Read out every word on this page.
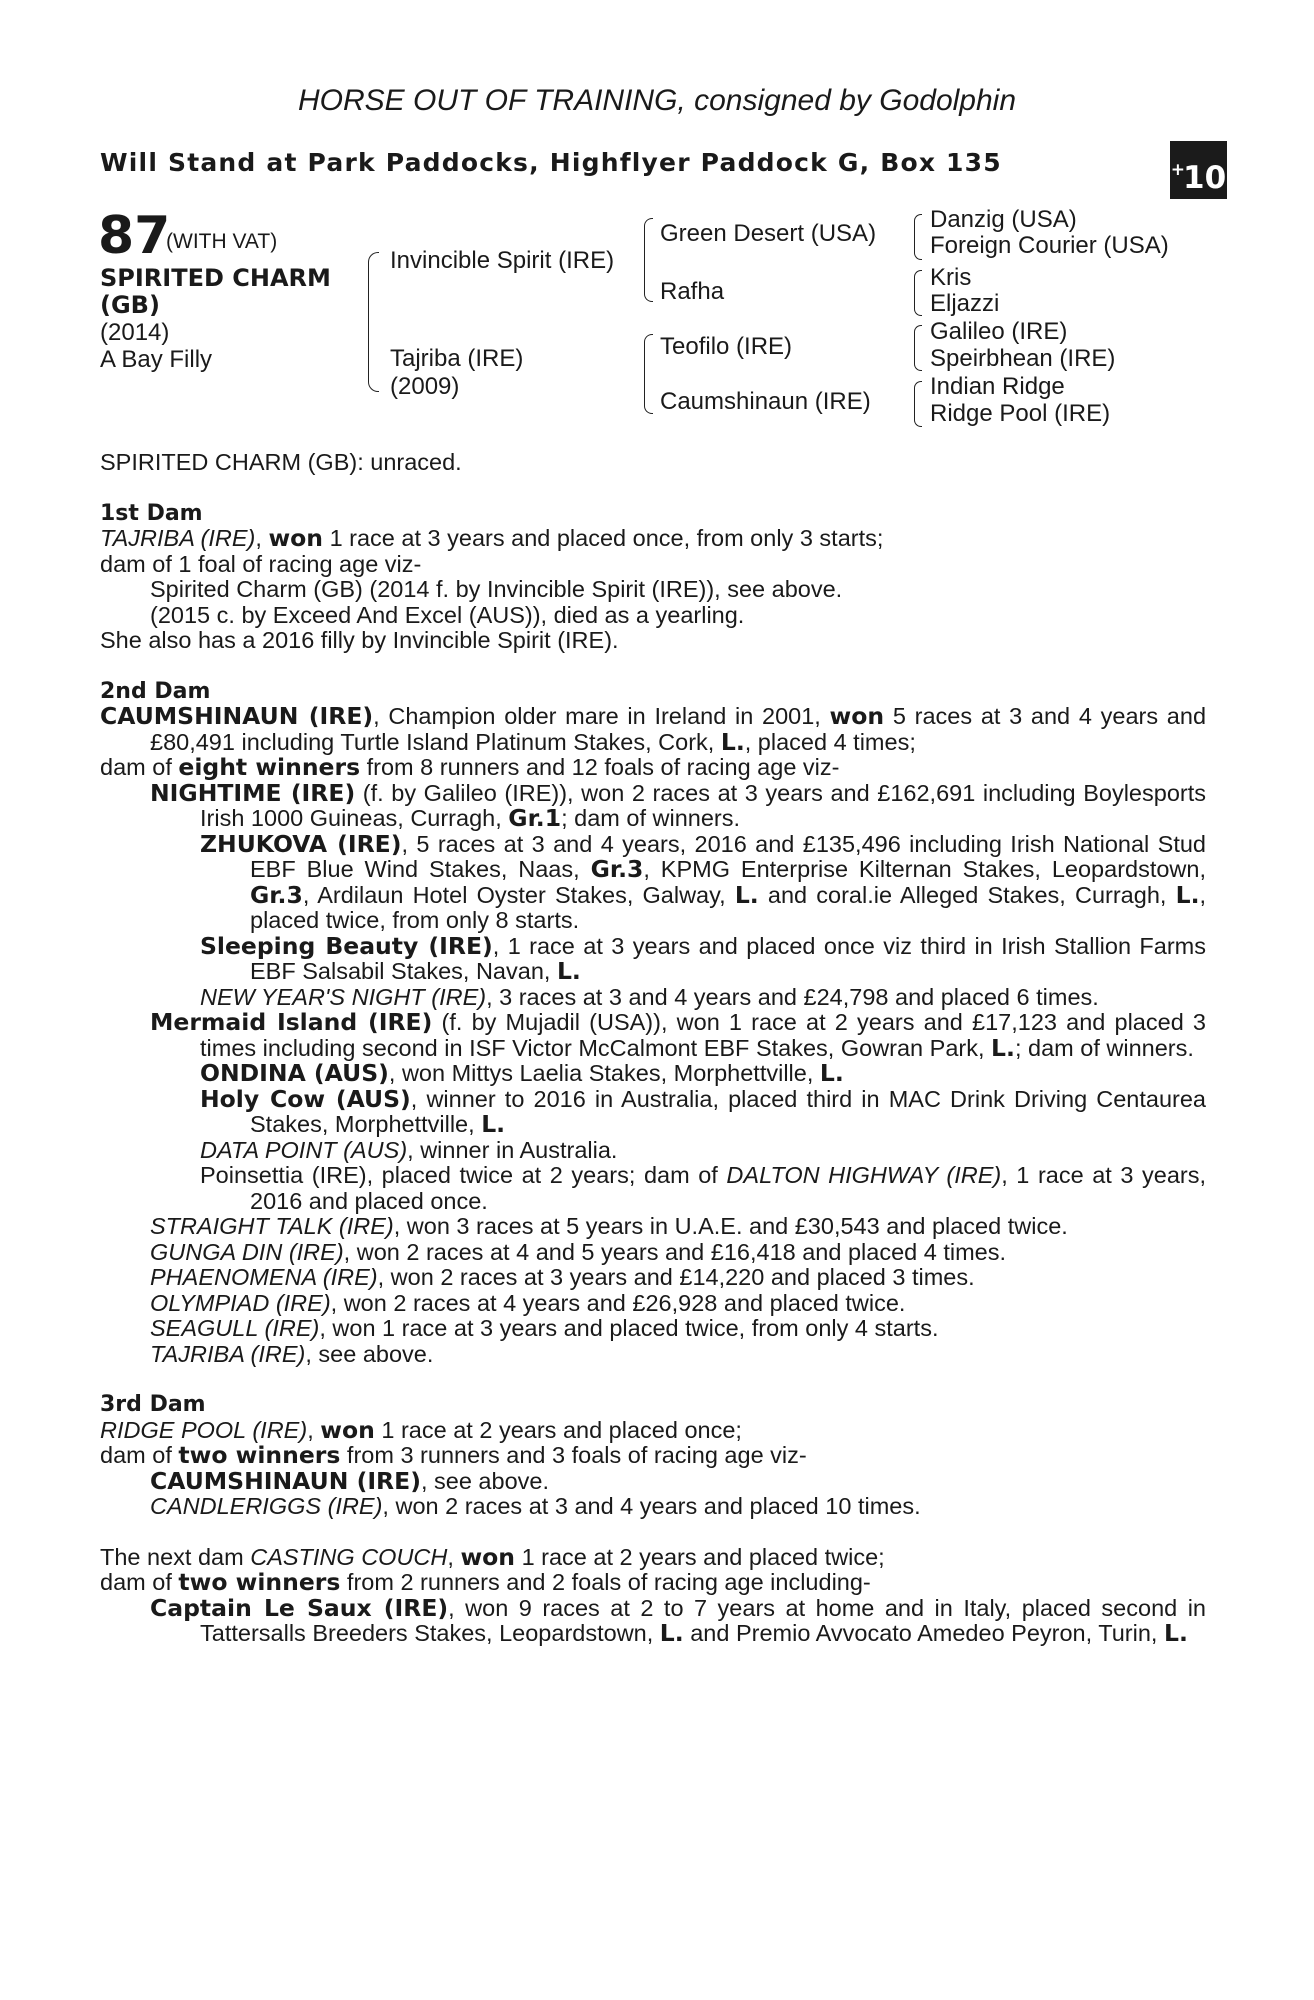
HORSE OUT OF TRAINING, consigned by Godolphin
Will Stand at Park Paddocks, Highflyer Paddock G, Box 135	+10
87
(WITH VAT)
SPIRITED CHARM
(GB)
(2014)
A Bay Filly
Invincible Spirit (IRE)
Tajriba (IRE)
(2009)
Green Desert (USA)
Rafha
Teofilo (IRE)
Caumshinaun (IRE)
Danzig (USA)
Foreign Courier (USA)
Kris
Eljazzi
Galileo (IRE)
Speirbhean (IRE)
Indian Ridge
Ridge Pool (IRE)

SPIRITED CHARM (GB): unraced.

1st Dam

TAJRIBA (IRE), won 1 race at 3 years and placed once, from only 3 starts;

dam of 1 foal of racing age viz-

Spirited Charm (GB) (2014 f. by Invincible Spirit (IRE)), see above.

(2015 c. by Exceed And Excel (AUS)), died as a yearling.

She also has a 2016 filly by Invincible Spirit (IRE).

2nd Dam

CAUMSHINAUN (IRE), Champion older mare in Ireland in 2001, won 5 races at 3 and 4 years and £80,491 including Turtle Island Platinum Stakes, Cork, L., placed 4 times;

dam of eight winners from 8 runners and 12 foals of racing age viz-

NIGHTIME (IRE) (f. by Galileo (IRE)), won 2 races at 3 years and £162,691 including Boylesports Irish 1000 Guineas, Curragh, Gr.1; dam of winners.

ZHUKOVA (IRE), 5 races at 3 and 4 years, 2016 and £135,496 including Irish National Stud EBF Blue Wind Stakes, Naas, Gr.3, KPMG Enterprise Kilternan Stakes, Leopardstown, Gr.3, Ardilaun Hotel Oyster Stakes, Galway, L. and coral.ie Alleged Stakes, Curragh, L., placed twice, from only 8 starts.

Sleeping Beauty (IRE), 1 race at 3 years and placed once viz third in Irish Stallion Farms EBF Salsabil Stakes, Navan, L.

NEW YEAR'S NIGHT (IRE), 3 races at 3 and 4 years and £24,798 and placed 6 times.

Mermaid Island (IRE) (f. by Mujadil (USA)), won 1 race at 2 years and £17,123 and placed 3 times including second in ISF Victor McCalmont EBF Stakes, Gowran Park, L.; dam of winners.

ONDINA (AUS), won Mittys Laelia Stakes, Morphettville, L.

Holy Cow (AUS), winner to 2016 in Australia, placed third in MAC Drink Driving Centaurea Stakes, Morphettville, L.

DATA POINT (AUS), winner in Australia.

Poinsettia (IRE), placed twice at 2 years; dam of DALTON HIGHWAY (IRE), 1 race at 3 years, 2016 and placed once.

STRAIGHT TALK (IRE), won 3 races at 5 years in U.A.E. and £30,543 and placed twice.

GUNGA DIN (IRE), won 2 races at 4 and 5 years and £16,418 and placed 4 times.

PHAENOMENA (IRE), won 2 races at 3 years and £14,220 and placed 3 times.

OLYMPIAD (IRE), won 2 races at 4 years and £26,928 and placed twice.

SEAGULL (IRE), won 1 race at 3 years and placed twice, from only 4 starts.

TAJRIBA (IRE), see above.

3rd Dam

RIDGE POOL (IRE), won 1 race at 2 years and placed once;

dam of two winners from 3 runners and 3 foals of racing age viz-

CAUMSHINAUN (IRE), see above.

CANDLERIGGS (IRE), won 2 races at 3 and 4 years and placed 10 times.

The next dam CASTING COUCH, won 1 race at 2 years and placed twice;

dam of two winners from 2 runners and 2 foals of racing age including-

Captain Le Saux (IRE), won 9 races at 2 to 7 years at home and in Italy, placed second in Tattersalls Breeders Stakes, Leopardstown, L. and Premio Avvocato Amedeo Peyron, Turin, L.
